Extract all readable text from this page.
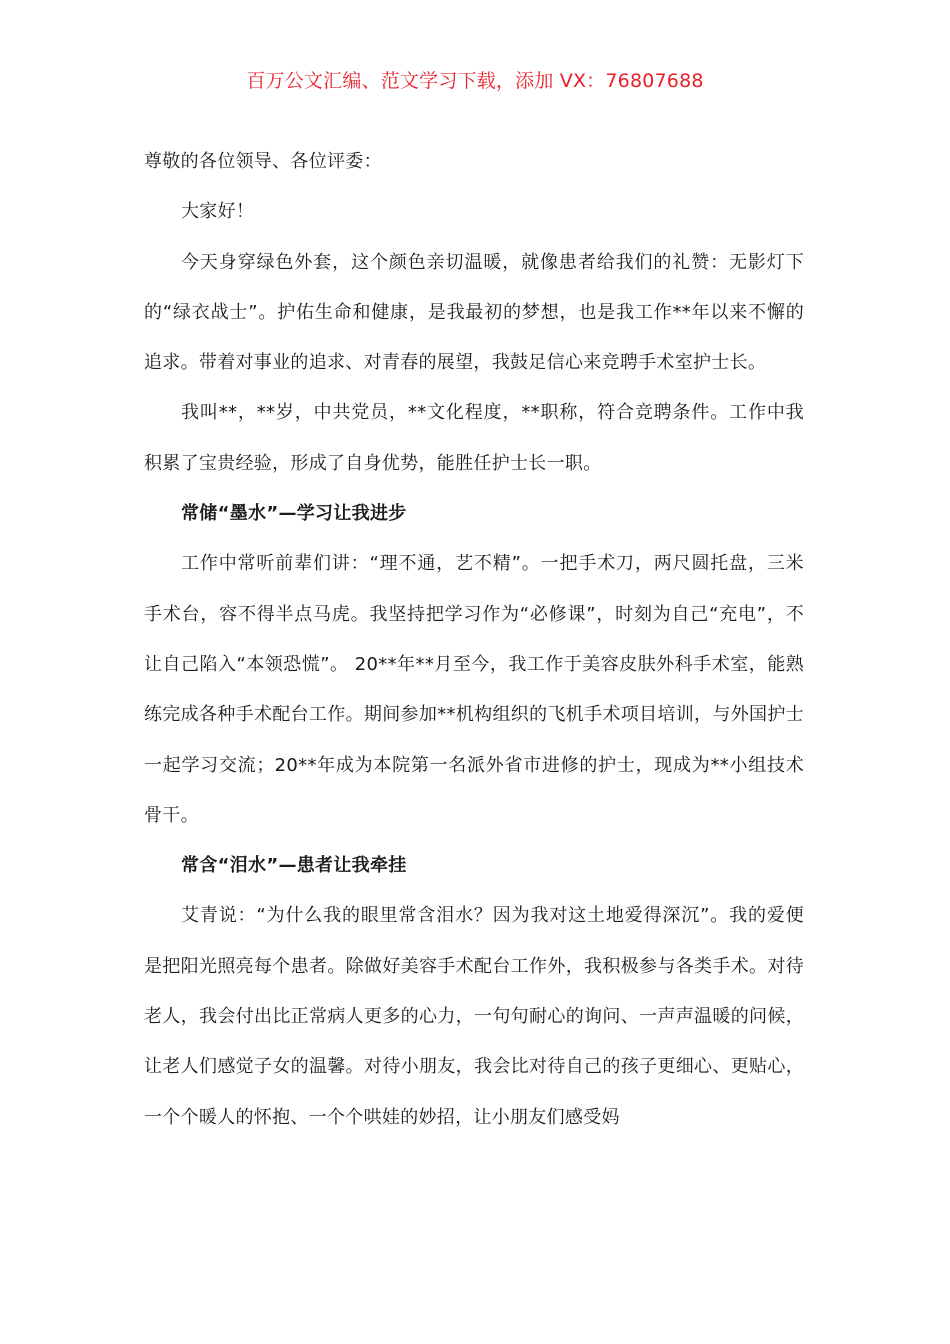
百万公文汇编、范文学习下载，添加 VX：76807688

尊敬的各位领导、各位评委：

大家好！

今天身穿绿色外套，这个颜色亲切温暖，就像患者给我们的礼赞：无影灯下的“绿衣战士”。护佑生命和健康，是我最初的梦想，也是我工作**年以来不懈的追求。带着对事业的追求、对青春的展望，我鼓足信心来竞聘手术室护士长。

我叫**，**岁，中共党员，**文化程度，**职称，符合竞聘条件。工作中我积累了宝贵经验，形成了自身优势，能胜任护士长一职。

常储“墨水”—学习让我进步

工作中常听前辈们讲：“理不通，艺不精”。一把手术刀，两尺圆托盘，三米手术台，容不得半点马虎。我坚持把学习作为“必修课”，时刻为自己“充电”，不让自己陷入“本领恐慌”。 20**年**月至今，我工作于美容皮肤外科手术室，能熟练完成各种手术配台工作。期间参加**机构组织的飞机手术项目培训，与外国护士一起学习交流；20**年成为本院第一名派外省市进修的护士，现成为**小组技术骨干。

常含“泪水”—患者让我牵挂

艾青说：“为什么我的眼里常含泪水？因为我对这土地爱得深沉”。我的爱便是把阳光照亮每个患者。除做好美容手术配台工作外，我积极参与各类手术。对待老人，我会付出比正常病人更多的心力，一句句耐心的询问、一声声温暖的问候，让老人们感觉子女的温馨。对待小朋友，我会比对待自己的孩子更细心、更贴心，一个个暖人的怀抱、一个个哄娃的妙招，让小朋友们感受妈
